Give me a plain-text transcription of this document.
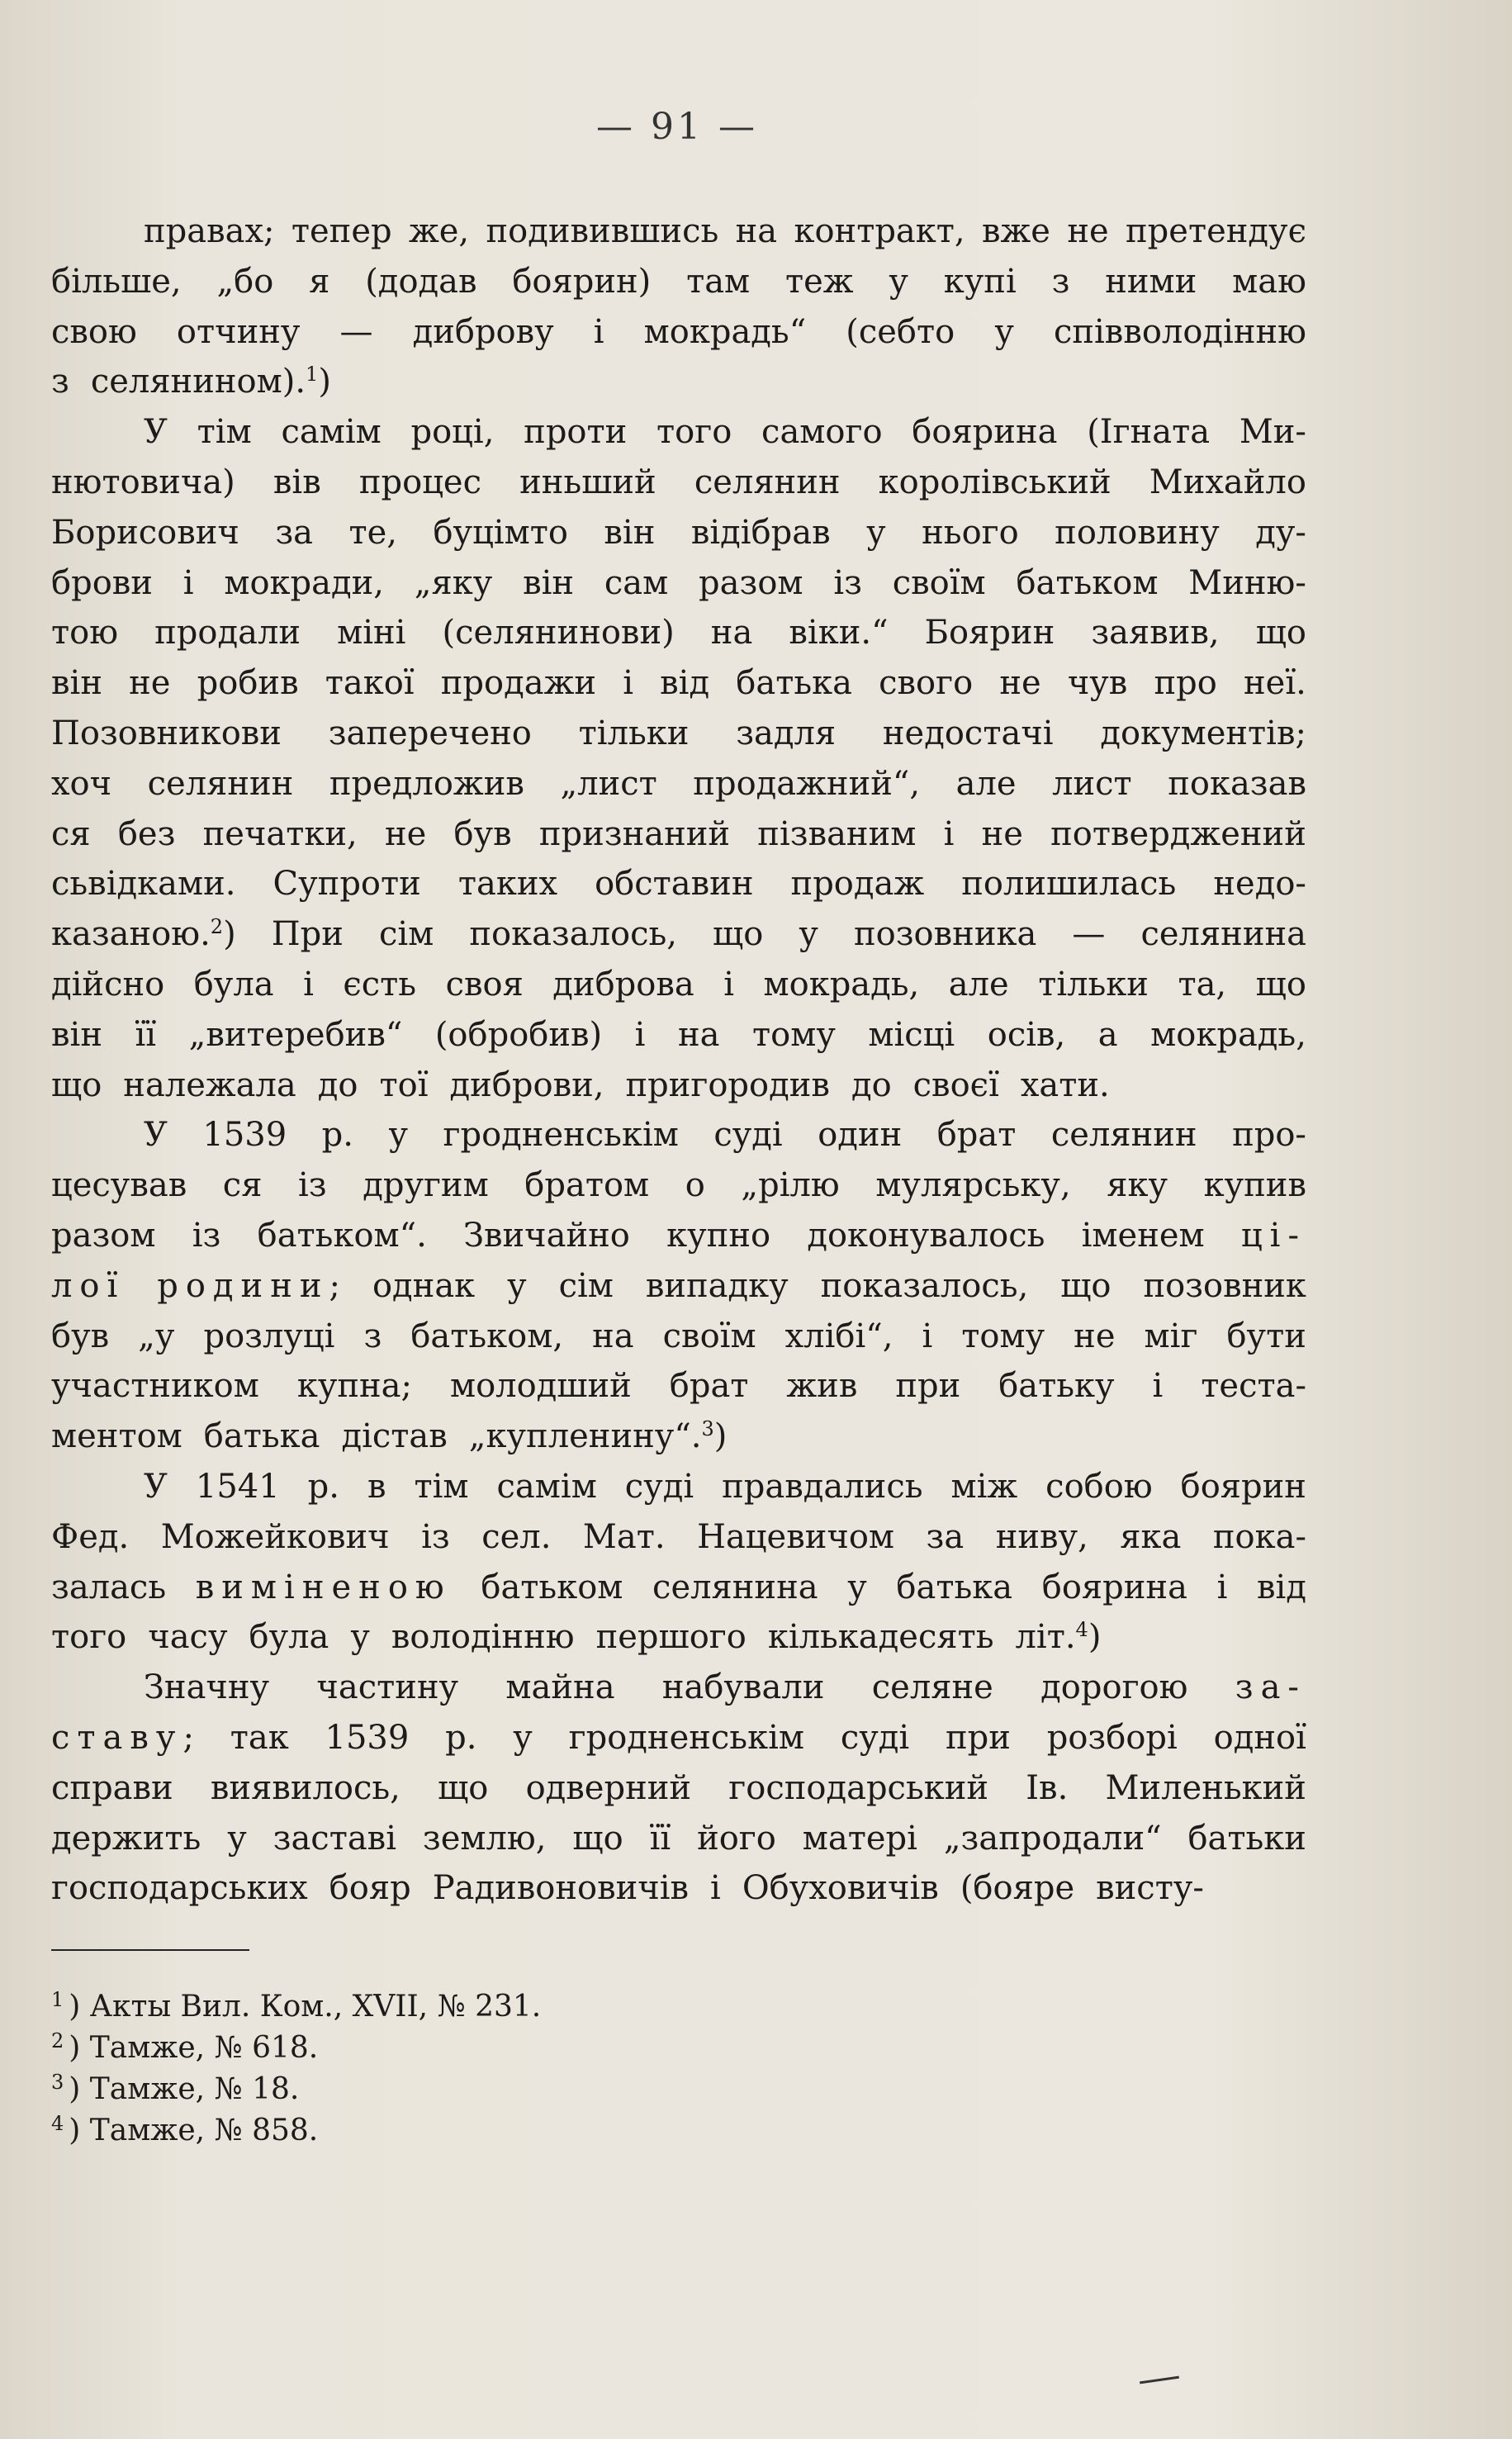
— 91 —
правах; тепер же, подивившись на контракт, вже не претендує
більше, „бо я (додав боярин) там теж у купі з ними маю
свою отчину — диброву і мокрадь“ (себто у співволодінню
з селянином).$^1$)
У тім самім році, проти того самого боярина (Ігната Ми-
нютовича) вів процес иньший селянин королівський Михайло
Борисович за те, буцімто він відібрав у нього половину ду-
брови і мокради, „яку він сам разом із своїм батьком Миню-
тою продали міні (селянинови) на віки.“ Боярин заявив, що
він не робив такої продажи і від батька свого не чув про неї.
Позовникови заперечено тільки задля недостачі документів;
хоч селянин предложив „лист продажний“, але лист показав
ся без печатки, не був признаний пізваним і не потверджений
сьвідками. Супроти таких обставин продаж полишилась недо-
казаною.$^2$) При сім показалось, що у позовника — селянина
дійсно була і єсть своя диброва і мокрадь, але тільки та, що
він її „витеребив“ (обробив) і на тому місці осів, а мокрадь,
що належала до тої диброви, пригородив до своєї хати.
У 1539 р. у гродненськім суді один брат селянин про-
цесував ся із другим братом о „рілю мулярську, яку купив
разом із батьком“. Звичайно купно доконувалось іменем ці-
лої родини; однак у сім випадку показалось, що позовник
був „у розлуці з батьком, на своїм хлібі“, і тому не міг бути
участником купна; молодший брат жив при батьку і теста-
ментом батька дістав „купленину“.$^3$)
У 1541 р. в тім самім суді правдались між собою боярин
Фед. Можейкович із сел. Мат. Нацевичом за ниву, яка пока-
залась виміненою батьком селянина у батька боярина і від
того часу була у володінню першого кількадесять літ.$^4$)
Значну частину майна набували селяне дорогою за-
ставу; так 1539 р. у гродненськім суді при розборі одної
справи виявилось, що одверний господарський Ів. Миленький
держить у заставі землю, що її його матері „запродали“ батьки
господарських бояр Радивоновичів і Обуховичів (бояре висту-
$^1$ ) Акты Вил. Ком., XVII, № 231.
$^2$ ) Тамже, № 618.
$^3$ ) Тамже, № 18.
$^4$ ) Тамже, № 858.
